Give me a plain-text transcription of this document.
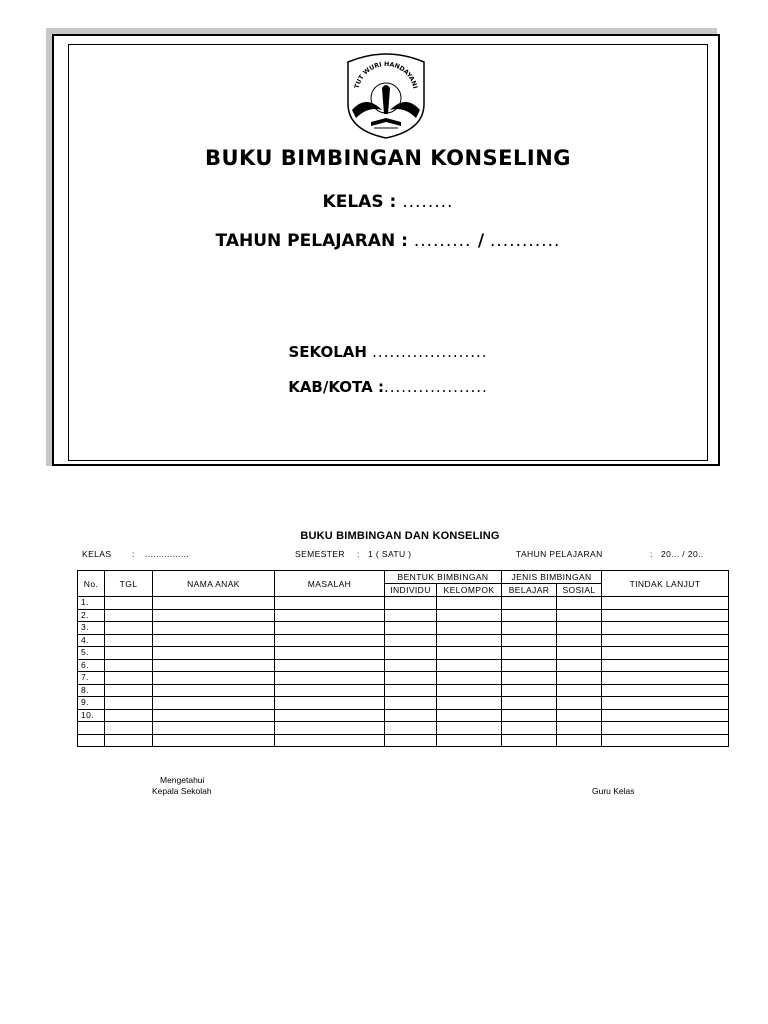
TUT WURI HANDAYANI
BUKU BIMBINGAN KONSELING
KELAS : ........
TAHUN PELAJARAN : ......... / ...........
SEKOLAH ....................
KAB/KOTA :..................
BUKU BIMBINGAN DAN KONSELING
KELAS : ................	SEMESTER : 1 ( SATU )	TAHUN PELAJARAN	: 20... / 20..
No.	TGL	NAMA ANAK	MASALAH	BENTUK BIMBINGAN		JENIS BIMBINGAN		TINDAK LANJUT
				INDIVIDU	KELOMPOK	BELAJAR	SOSIAL	
1.								
2.								
3.								
4.								
5.								
6.								
7.								
8.								
9.								
10.								

Mengetahui
Kepala Sekolah	Guru Kelas
